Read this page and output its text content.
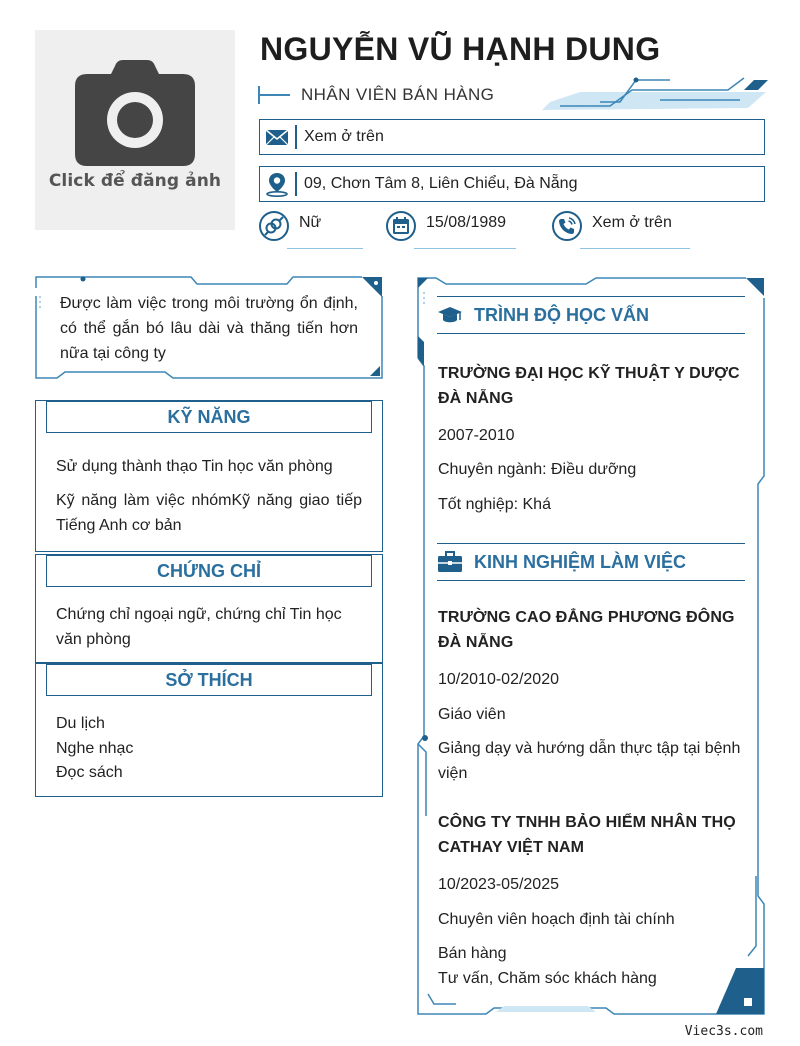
Click để đăng ảnh
NGUYỄN VŨ HẠNH DUNG
NHÂN VIÊN BÁN HÀNG
Xem ở trên
09, Chơn Tâm 8, Liên Chiểu, Đà Nẵng
Nữ	15/08/1989	Xem ở trên
Được làm việc trong môi trường ổn định, có thể gắn bó lâu dài và thăng tiến hơn nữa tại công ty
KỸ NĂNG
Sử dụng thành thạo Tin học văn phòng
Kỹ năng làm việc nhómKỹ năng giao tiếp Tiếng Anh cơ bản
CHỨNG CHỈ
Chứng chỉ ngoại ngữ, chứng chỉ Tin học văn phòng
SỞ THÍCH
Du lịch
Nghe nhạc
Đọc sách
TRÌNH ĐỘ HỌC VẤN
TRƯỜNG ĐẠI HỌC KỸ THUẬT Y DƯỢC ĐÀ NẴNG
2007-2010
Chuyên ngành: Điều dưỡng
Tốt nghiệp: Khá
KINH NGHIỆM LÀM VIỆC
TRƯỜNG CAO ĐẲNG PHƯƠNG ĐÔNG ĐÀ NẴNG
10/2010-02/2020
Giáo viên
Giảng dạy và hướng dẫn thực tập tại bệnh viện
CÔNG TY TNHH BẢO HIỂM NHÂN THỌ CATHAY VIỆT NAM
10/2023-05/2025
Chuyên viên hoạch định tài chính
Bán hàng
Tư vấn, Chăm sóc khách hàng
Viec3s.com
